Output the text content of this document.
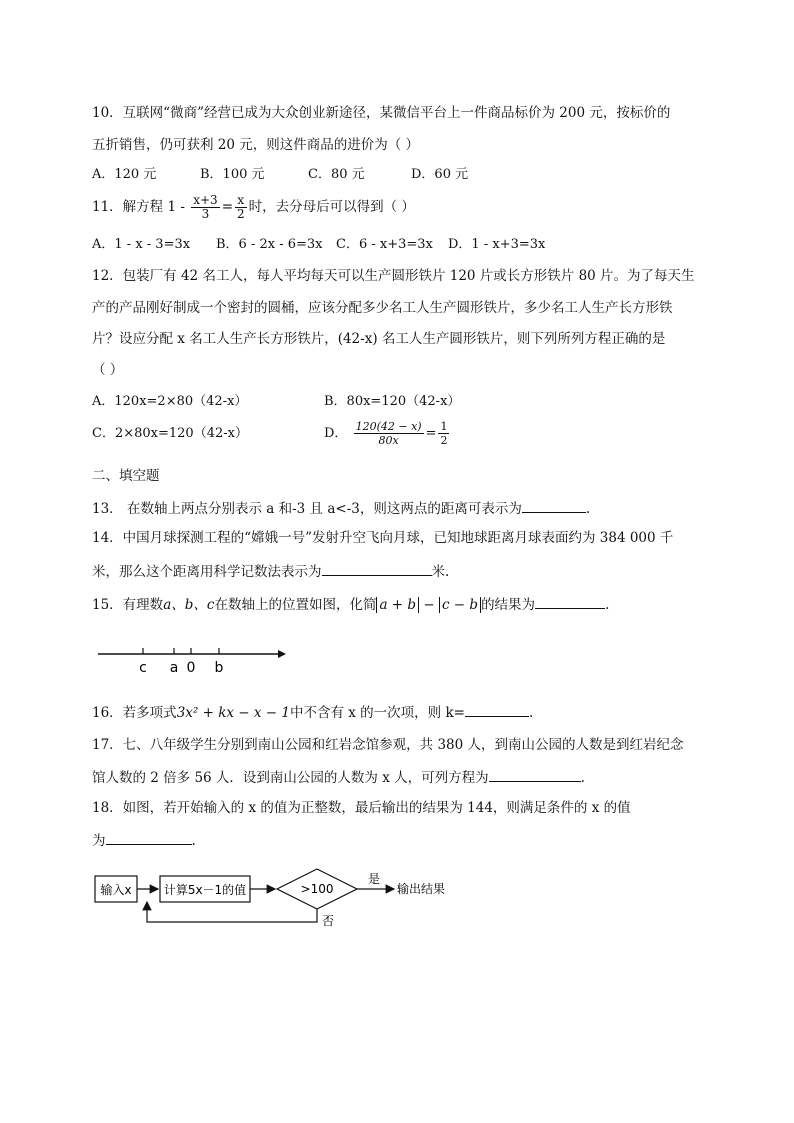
10．互联网“微商”经营已成为大众创业新途径，某微信平台上一件商品标价为 200 元，按标价的
五折销售，仍可获利 20 元，则这件商品的进价为（ ）
A．120 元	B．100 元	C．80 元	D．60 元
11．解方程 $1 - \frac{x+3}{3} = \frac{x}{2}$ 时，去分母后可以得到（ ）
A．1 - x - 3=3x B．6 - 2x - 6=3x C．6 - x+3=3x D．1 - x+3=3x
12．包装厂有 42 名工人，每人平均每天可以生产圆形铁片 120 片或长方形铁片 80 片。为了每天生
产的产品刚好制成一个密封的圆桶，应该分配多少名工人生产圆形铁片，多少名工人生产长方形铁
片？设应分配 x 名工人生产长方形铁片，(42-x) 名工人生产圆形铁片，则下列所列方程正确的是
（ ）
A．120x=2×80（42-x）	B．80x=120（42-x）
C．2×80x=120（42-x）	D． $\frac{120(42 - x)}{80x} = \frac{1}{2}$
二、填空题
13． 在数轴上两点分别表示 a 和-3 且 a<-3，则这两点的距离可表示为	.
14．中国月球探测工程的“嫦娥一号”发射升空飞向月球，已知地球距离月球表面约为 384 000 千
米，那么这个距离用科学记数法表示为	米.
15．有理数a、b、c在数轴上的位置如图，化简 a + b − c − b 的结果为	.
c a 0 b
16．若多项式3x² + kx − x − 1中不含有 x 的一次项，则 k=	.
17．七、八年级学生分别到南山公园和红岩念馆参观，共 380 人，到南山公园的人数是到红岩纪念
馆人数的 2 倍多 56 人．设到南山公园的人数为 x 人，可列方程为	.
18．如图，若开始输入的 x 的值为正整数，最后输出的结果为 144，则满足条件的 x 的值
为	.
输入x	计算5x－1的值	>100
是
输出结果
否
